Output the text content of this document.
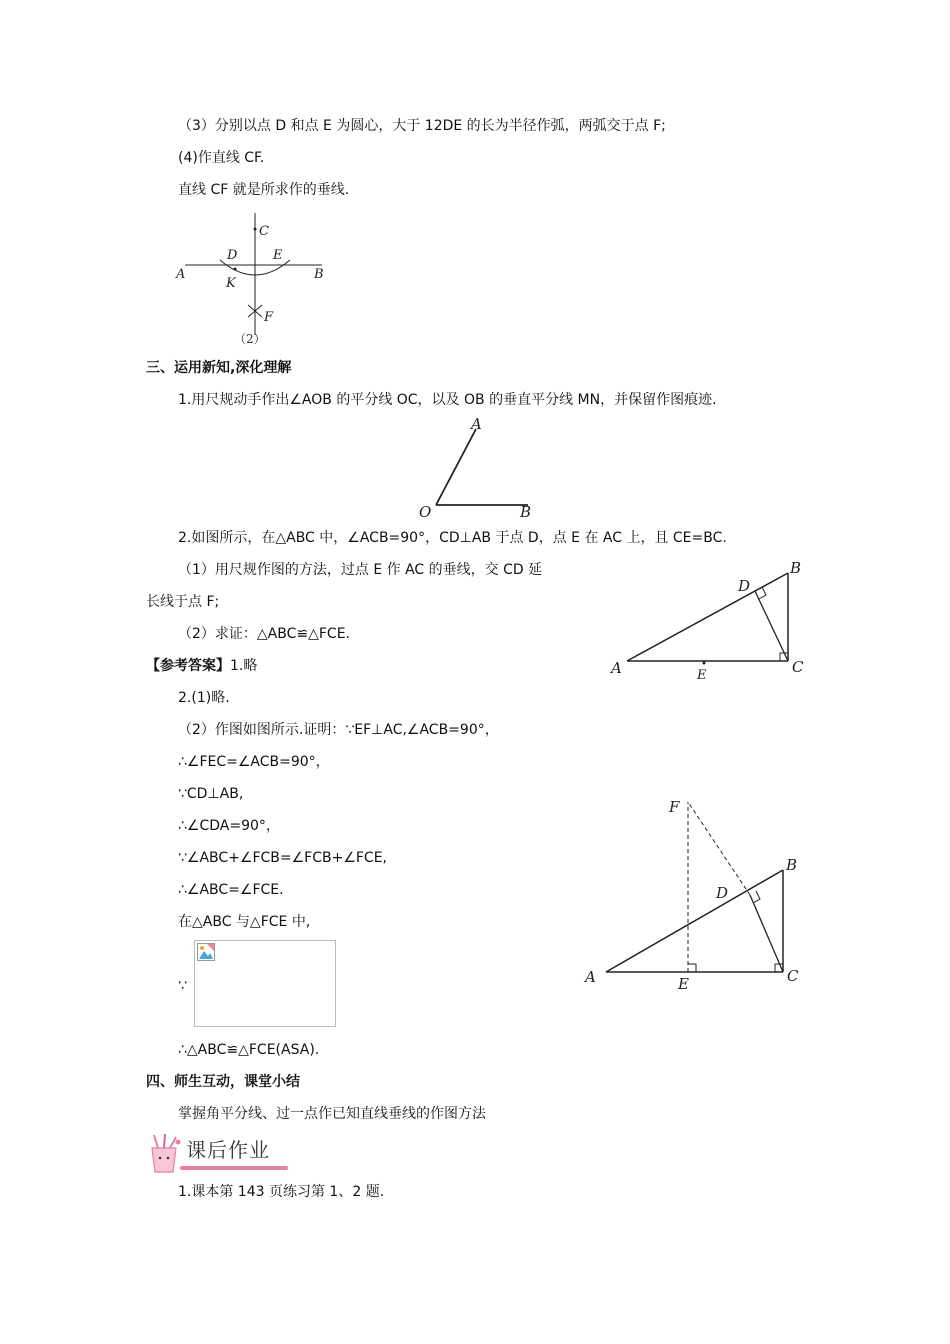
（3）分别以点 D 和点 E 为圆心，大于 12DE 的长为半径作弧，两弧交于点 F;
(4)作直线 CF.
直线 CF 就是所求作的垂线.
A	B
C
D	E
K
F
（2）
三、运用新知,深化理解
1.用尺规动手作出∠AOB 的平分线 OC，以及 OB 的垂直平分线 MN，并保留作图痕迹.
A
O	B
2.如图所示，在△ABC 中，∠ACB=90°，CD⊥AB 于点 D，点 E 在 AC 上，且 CE=BC.
（1）用尺规作图的方法，过点 E 作 AC 的垂线，交 CD 延
长线于点 F;
（2）求证：△ABC≌△FCE.
A
B
C
D
E
【参考答案】1.略
2.(1)略.
（2）作图如图所示.证明：∵EF⊥AC,∠ACB=90°，
∴∠FEC=∠ACB=90°，
∵CD⊥AB,
∴∠CDA=90°，
∵∠ABC+∠FCB=∠FCB+∠FCE,
∴∠ABC=∠FCE.
在△ABC 与△FCE 中,
∵	A
B
C
D
E
F
∴△ABC≌△FCE(ASA).
四、师生互动，课堂小结
掌握角平分线、过一点作已知直线垂线的作图方法
课后作业
1.课本第 143 页练习第 1、2 题.
